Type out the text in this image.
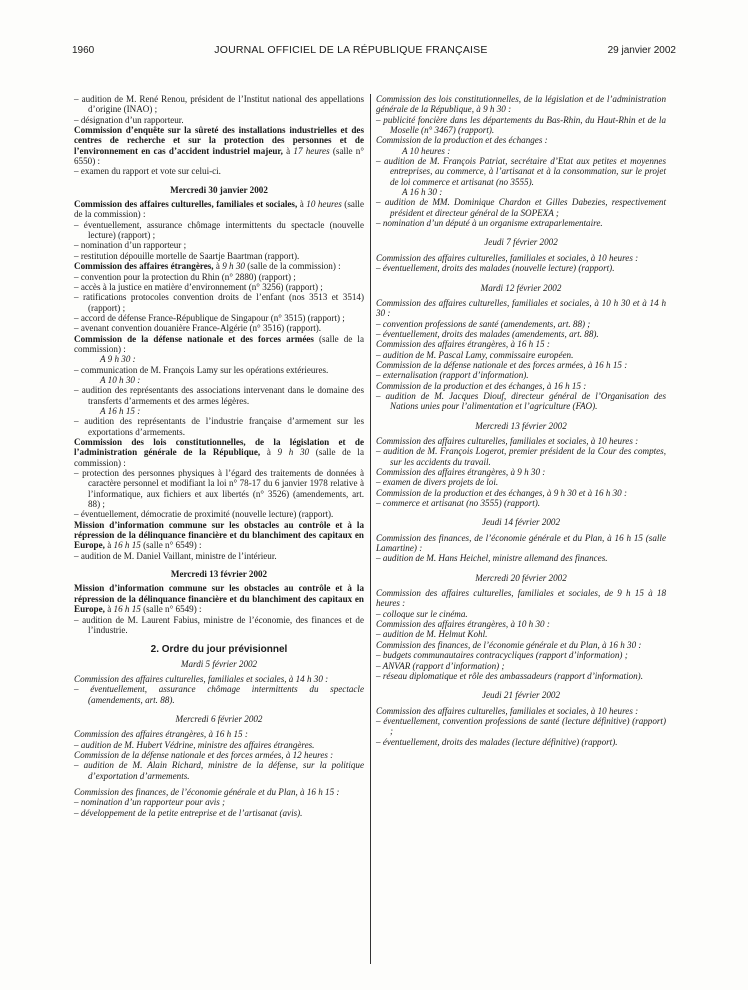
1960	JOURNAL OFFICIEL DE LA RÉPUBLIQUE FRANÇAISE	29 janvier 2002

– audition de M. René Renou, président de l’Institut national des appellations d’origine (INAO) ;

– désignation d’un rapporteur.

Commission d’enquête sur la sûreté des installations industrielles et des centres de recherche et sur la protection des personnes et de l’environnement en cas d’accident industriel majeur, à 17 heures (salle n° 6550) :

– examen du rapport et vote sur celui-ci.

Mercredi 30 janvier 2002

Commission des affaires culturelles, familiales et sociales, à 10 heures (salle de la commission) :

– éventuellement, assurance chômage intermittents du spectacle (nouvelle lecture) (rapport) ;

– nomination d’un rapporteur ;

– restitution dépouille mortelle de Saartje Baartman (rapport).

Commission des affaires étrangères, à 9 h 30 (salle de la commission) :

– convention pour la protection du Rhin (n° 2880) (rapport) ;

– accès à la justice en matière d’environnement (n° 3256) (rapport) ;

– ratifications protocoles convention droits de l’enfant (nos 3513 et 3514) (rapport) ;

– accord de défense France-République de Singapour (n° 3515) (rapport) ;

– avenant convention douanière France-Algérie (n° 3516) (rapport).

Commission de la défense nationale et des forces armées (salle de la commission) :

A 9 h 30 :

– communication de M. François Lamy sur les opérations extérieures.

A 10 h 30 :

– audition des représentants des associations intervenant dans le domaine des transferts d’armements et des armes légères.

A 16 h 15 :

– audition des représentants de l’industrie française d’armement sur les exportations d’armements.

Commission des lois constitutionnelles, de la législation et de l’administration générale de la République, à 9 h 30 (salle de la commission) :

– protection des personnes physiques à l’égard des traitements de données à caractère personnel et modifiant la loi n° 78-17 du 6 janvier 1978 relative à l’informatique, aux fichiers et aux libertés (n° 3526) (amendements, art. 88) ;

– éventuellement, démocratie de proximité (nouvelle lecture) (rapport).

Mission d’information commune sur les obstacles au contrôle et à la répression de la délinquance financière et du blanchiment des capitaux en Europe, à 16 h 15 (salle n° 6549) :

– audition de M. Daniel Vaillant, ministre de l’intérieur.

Mercredi 13 février 2002

Mission d’information commune sur les obstacles au contrôle et à la répression de la délinquance financière et du blanchiment des capitaux en Europe, à 16 h 15 (salle n° 6549) :

– audition de M. Laurent Fabius, ministre de l’économie, des finances et de l’industrie.

2. Ordre du jour prévisionnel

Mardi 5 février 2002

Commission des affaires culturelles, familiales et sociales, à 14 h 30 :

– éventuellement, assurance chômage intermittents du spectacle (amendements, art. 88).

Mercredi 6 février 2002

Commission des affaires étrangères, à 16 h 15 :

– audition de M. Hubert Védrine, ministre des affaires étrangères.

Commission de la défense nationale et des forces armées, à 12 heures :

– audition de M. Alain Richard, ministre de la défense, sur la politique d’exportation d’armements.

Commission des finances, de l’économie générale et du Plan, à 16 h 15 :

– nomination d’un rapporteur pour avis ;

– développement de la petite entreprise et de l’artisanat (avis).

Commission des lois constitutionnelles, de la législation et de l’administration générale de la République, à 9 h 30 :

– publicité foncière dans les départements du Bas-Rhin, du Haut-Rhin et de la Moselle (n° 3467) (rapport).

Commission de la production et des échanges :

A 10 heures :

– audition de M. François Patriat, secrétaire d’Etat aux petites et moyennes entreprises, au commerce, à l’artisanat et à la consommation, sur le projet de loi commerce et artisanat (no 3555).

A 16 h 30 :

– audition de MM. Dominique Chardon et Gilles Dabezies, respectivement président et directeur général de la SOPEXA ;

– nomination d’un député à un organisme extraparlementaire.

Jeudi 7 février 2002

Commission des affaires culturelles, familiales et sociales, à 10 heures :

– éventuellement, droits des malades (nouvelle lecture) (rapport).

Mardi 12 février 2002

Commission des affaires culturelles, familiales et sociales, à 10 h 30 et à 14 h 30 :

– convention professions de santé (amendements, art. 88) ;

– éventuellement, droits des malades (amendements, art. 88).

Commission des affaires étrangères, à 16 h 15 :

– audition de M. Pascal Lamy, commissaire européen.

Commission de la défense nationale et des forces armées, à 16 h 15 :

– externalisation (rapport d’information).

Commission de la production et des échanges, à 16 h 15 :

– audition de M. Jacques Diouf, directeur général de l’Organisation des Nations unies pour l’alimentation et l’agriculture (FAO).

Mercredi 13 février 2002

Commission des affaires culturelles, familiales et sociales, à 10 heures :

– audition de M. François Logerot, premier président de la Cour des comptes, sur les accidents du travail.

Commission des affaires étrangères, à 9 h 30 :

– examen de divers projets de loi.

Commission de la production et des échanges, à 9 h 30 et à 16 h 30 :

– commerce et artisanat (no 3555) (rapport).

Jeudi 14 février 2002

Commission des finances, de l’économie générale et du Plan, à 16 h 15 (salle Lamartine) :

– audition de M. Hans Heichel, ministre allemand des finances.

Mercredi 20 février 2002

Commission des affaires culturelles, familiales et sociales, de 9 h 15 à 18 heures :

– colloque sur le cinéma.

Commission des affaires étrangères, à 10 h 30 :

– audition de M. Helmut Kohl.

Commission des finances, de l’économie générale et du Plan, à 16 h 30 :

– budgets communautaires contracycliques (rapport d’information) ;

– ANVAR (rapport d’information) ;

– réseau diplomatique et rôle des ambassadeurs (rapport d’information).

Jeudi 21 février 2002

Commission des affaires culturelles, familiales et sociales, à 10 heures :

– éventuellement, convention professions de santé (lecture définitive) (rapport) ;

– éventuellement, droits des malades (lecture définitive) (rapport).
